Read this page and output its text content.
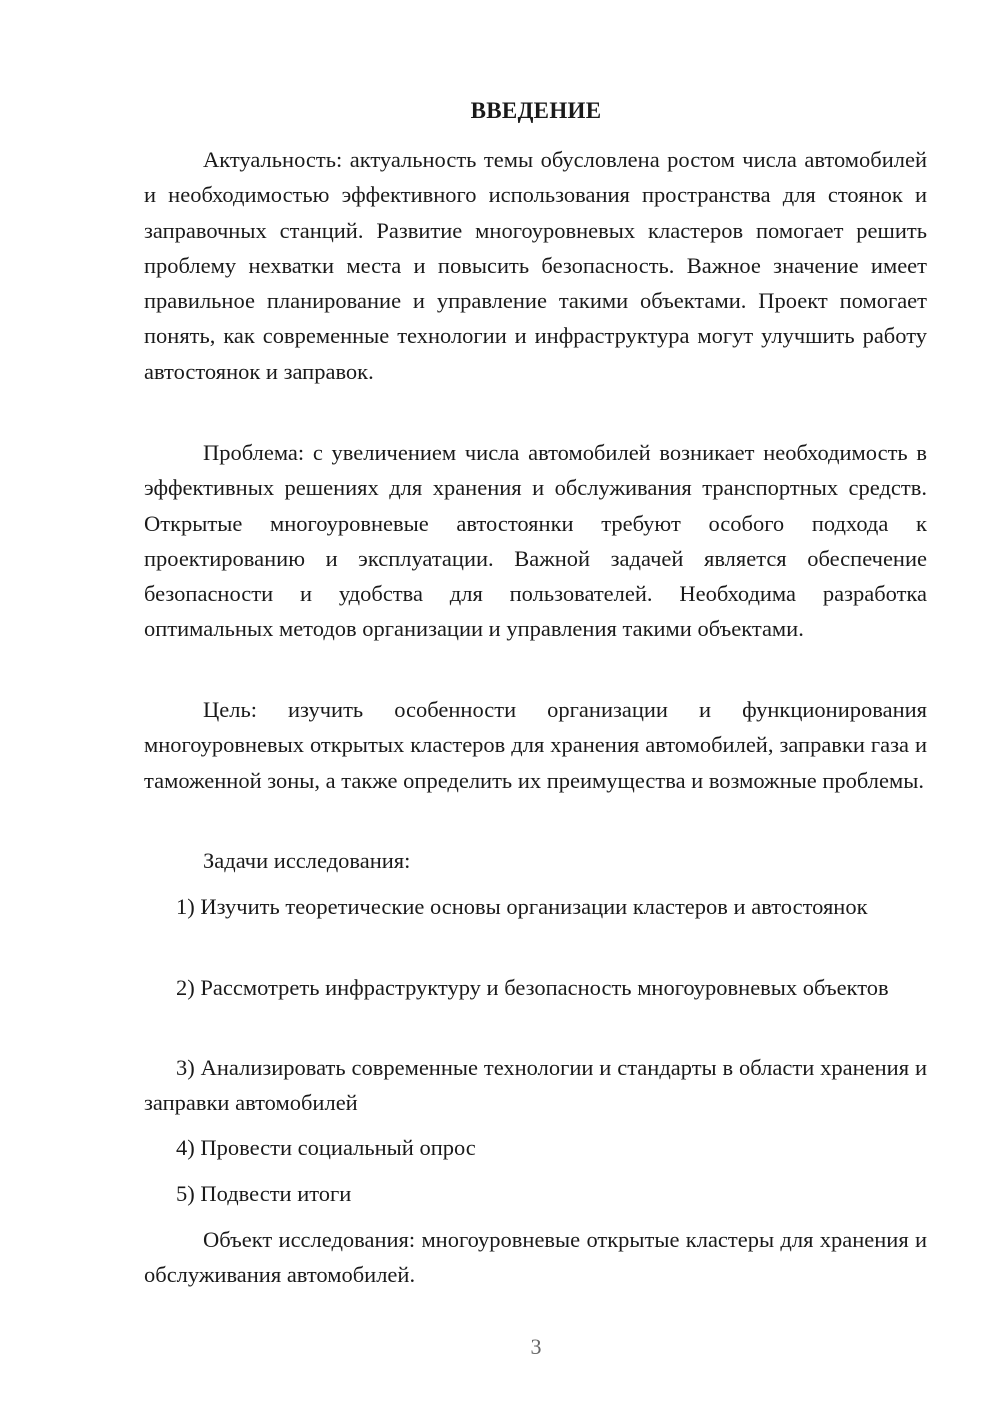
ВВЕДЕНИЕ

Актуальность: актуальность темы обусловлена ростом числа автомобилей и необходимостью эффективного использования пространства для стоянок и заправочных станций. Развитие многоуровневых кластеров помогает решить проблему нехватки места и повысить безопасность. Важное значение имеет правильное планирование и управление такими объектами. Проект помогает понять, как современные технологии и инфраструктура могут улучшить работу автостоянок и заправок.

Проблема: с увеличением числа автомобилей возникает необходимость в эффективных решениях для хранения и обслуживания транспортных средств. Открытые многоуровневые автостоянки требуют особого подхода к проектированию и эксплуатации. Важной задачей является обеспечение безопасности и удобства для пользователей. Необходима разработка оптимальных методов организации и управления такими объектами.

Цель: изучить особенности организации и функционирования многоуровневых открытых кластеров для хранения автомобилей, заправки газа и таможенной зоны, а также определить их преимущества и возможные проблемы.

Задачи исследования:

1) Изучить теоретические основы организации кластеров и автостоянок

2) Рассмотреть инфраструктуру и безопасность многоуровневых объектов

3) Анализировать современные технологии и стандарты в области хранения и заправки автомобилей

4) Провести социальный опрос

5) Подвести итоги

Объект исследования: многоуровневые открытые кластеры для хранения и обслуживания автомобилей.

3
